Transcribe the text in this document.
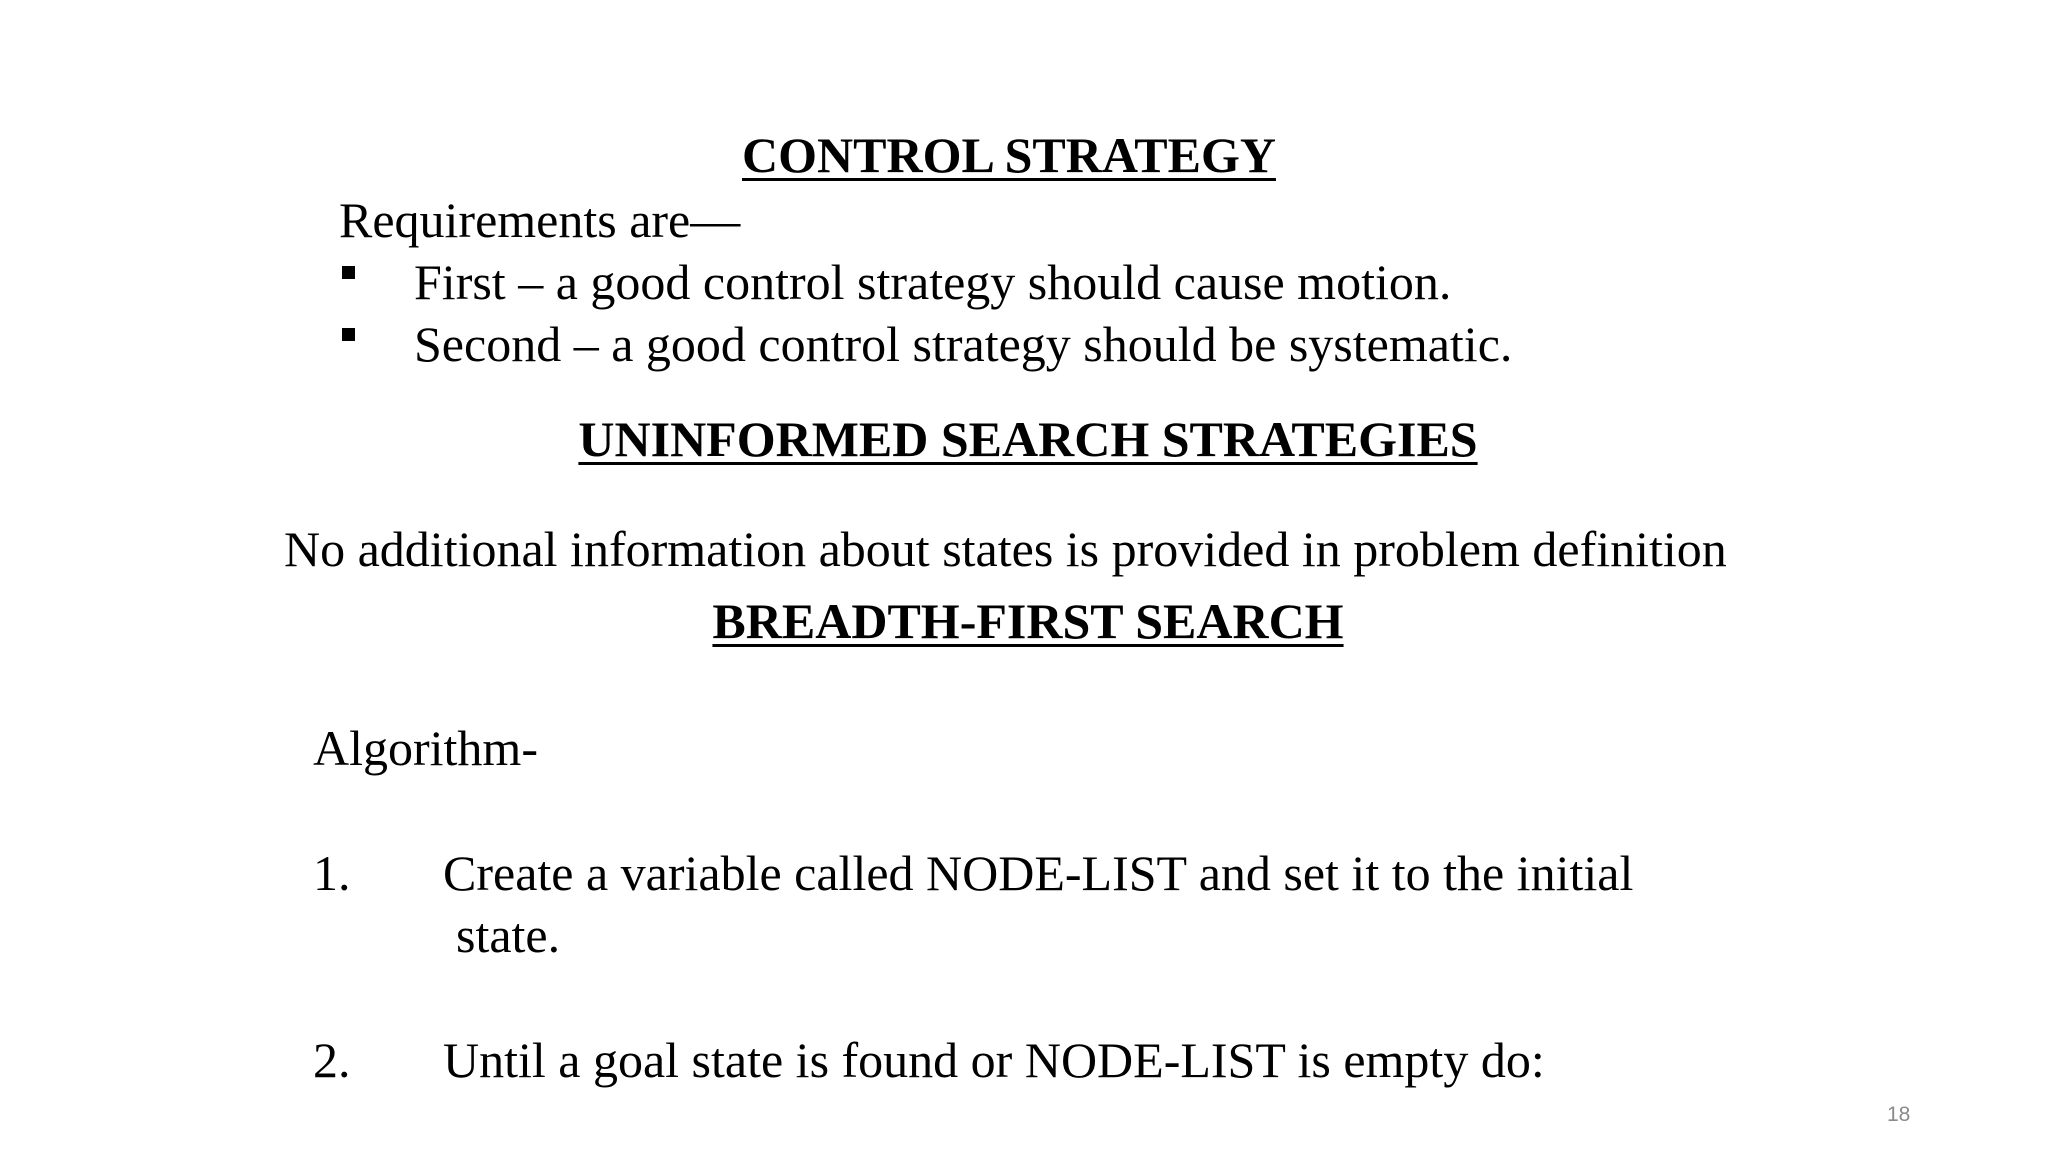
CONTROL STRATEGY
Requirements are—
First – a good control strategy should cause motion.
Second – a good control strategy should be systematic.
UNINFORMED SEARCH STRATEGIES
No additional information about states is provided in problem definition
BREADTH-FIRST SEARCH
Algorithm-
1. Create a variable called NODE-LIST and set it to the initial
state.
2. Until a goal state is found or NODE-LIST is empty do:
18
